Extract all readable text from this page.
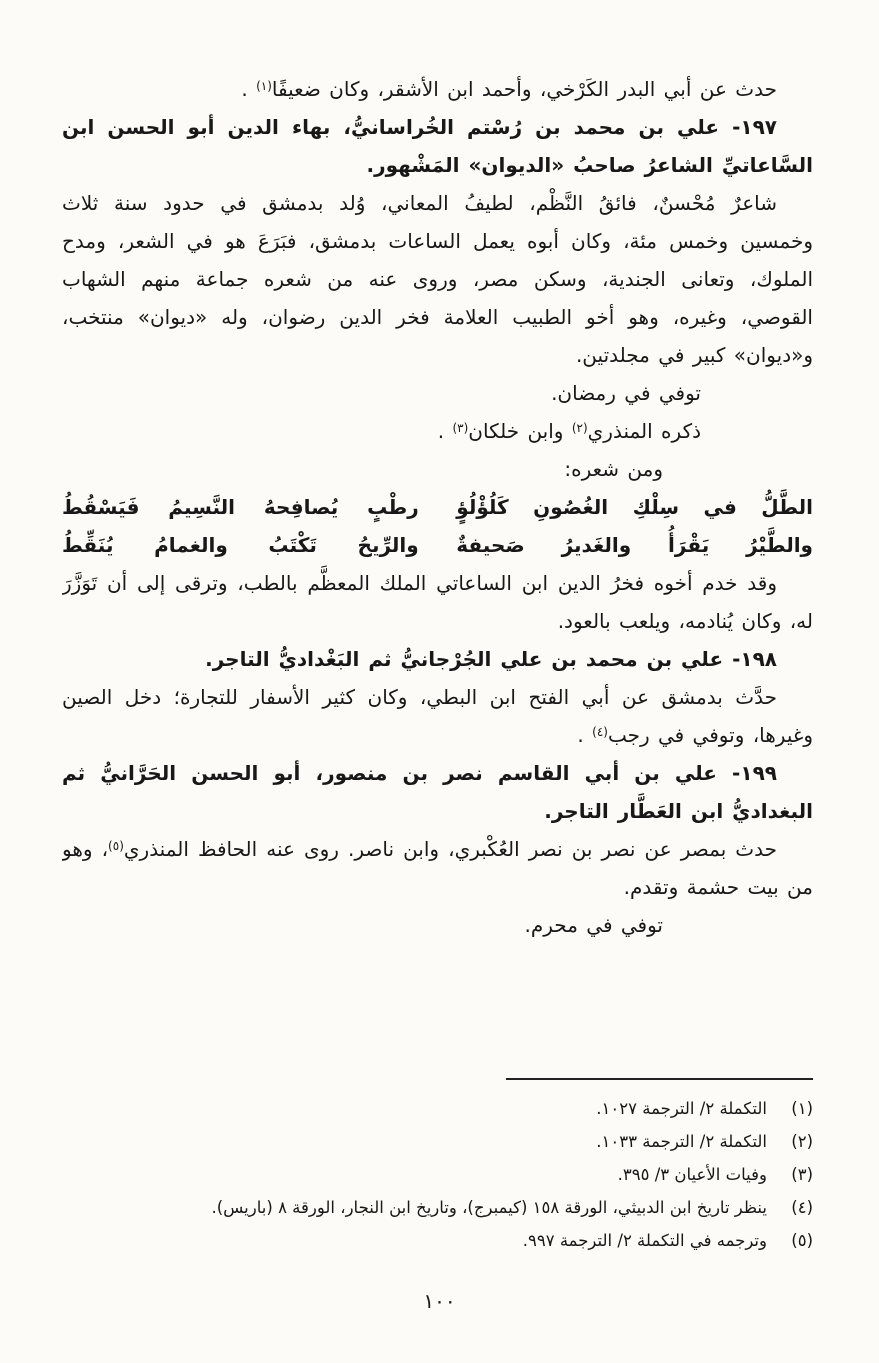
حدث عن أبي البدر الكَرْخي، وأحمد ابن الأشقر، وكان ضعيفًا$^{(١)}$ .

١٩٧- علي بن محمد بن رُسْتم الخُراسانيُّ، بهاء الدين أبو الحسن ابن السَّاعاتيِّ الشاعرُ صاحبُ «الديوان» المَشْهور.

شاعرٌ مُحْسنٌ، فائقُ النَّظْم، لطيفُ المعاني، وُلد بدمشق في حدود سنة ثلاث وخمسين وخمس مئة، وكان أبوه يعمل الساعات بدمشق، فبَرَعَ هو في الشعر، ومدح الملوك، وتعانى الجندية، وسكن مصر، وروى عنه من شعره جماعة منهم الشهاب القوصي، وغيره، وهو أخو الطبيب العلامة فخر الدين رضوان، وله «ديوان» منتخب، و«ديوان» كبير في مجلدتين.

توفي في رمضان.

ذكره المنذري$^{(٢)}$ وابن خلكان$^{(٣)}$ .

ومن شعره:

الطَّلُّ في سِلْكِ الغُصُونِ كَلُؤْلُؤٍ
رطْبٍ يُصافِحهُ النَّسِيمُ فَيَسْقُطُ
والطَّيْرُ يَقْرَأُ والغَديرُ صَحيفةٌ
والرِّيحُ تَكْتَبُ والغمامُ يُنَقِّطُ

وقد خدم أخوه فخرُ الدين ابن الساعاتي الملك المعظَّم بالطب، وترقى إلى أن تَوَزَّرَ له، وكان يُنادمه، ويلعب بالعود.

١٩٨- علي بن محمد بن علي الجُرْجانيُّ ثم البَغْداديُّ التاجر.

حدَّث بدمشق عن أبي الفتح ابن البطي، وكان كثير الأسفار للتجارة؛ دخل الصين وغيرها، وتوفي في رجب$^{(٤)}$ .

١٩٩- علي بن أبي القاسم نصر بن منصور، أبو الحسن الحَرَّانيُّ ثم البغداديُّ ابن العَطَّار التاجر.

حدث بمصر عن نصر بن نصر العُكْبري، وابن ناصر. روى عنه الحافظ المنذري$^{(٥)}$، وهو من بيت حشمة وتقدم.

توفي في محرم.

(١)
التكملة ٢/ الترجمة ١٠٢٧.
(٢)
التكملة ٢/ الترجمة ١٠٣٣.
(٣)
وفيات الأعيان ٣/ ٣٩٥.
(٤)
ينظر تاريخ ابن الدبيثي، الورقة ١٥٨ (كيمبرج)، وتاريخ ابن النجار، الورقة ٨ (باريس).
(٥)
وترجمه في التكملة ٢/ الترجمة ٩٩٧.
١٠٠
